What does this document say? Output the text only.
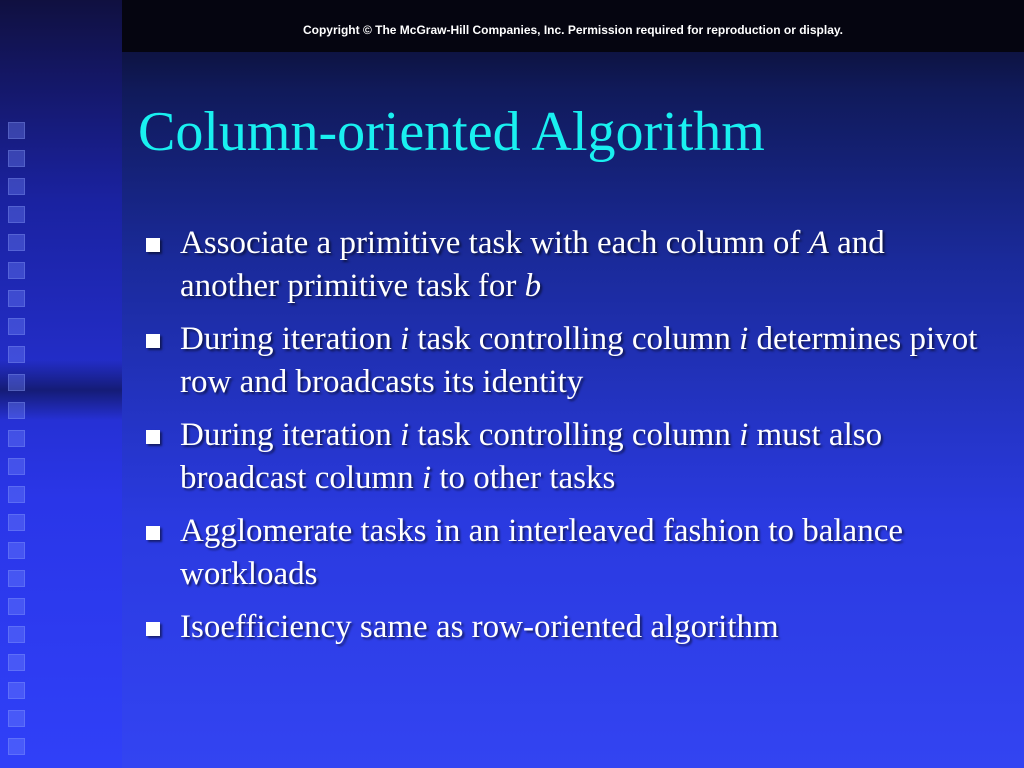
Copyright © The McGraw-Hill Companies, Inc. Permission required for reproduction or display.
Column-oriented Algorithm
Associate a primitive task with each column of A and another primitive task for b
During iteration i task controlling column i determines pivot row and broadcasts its identity
During iteration i task controlling column i must also broadcast column i to other tasks
Agglomerate tasks in an interleaved fashion to balance workloads
Isoefficiency same as row-oriented algorithm
